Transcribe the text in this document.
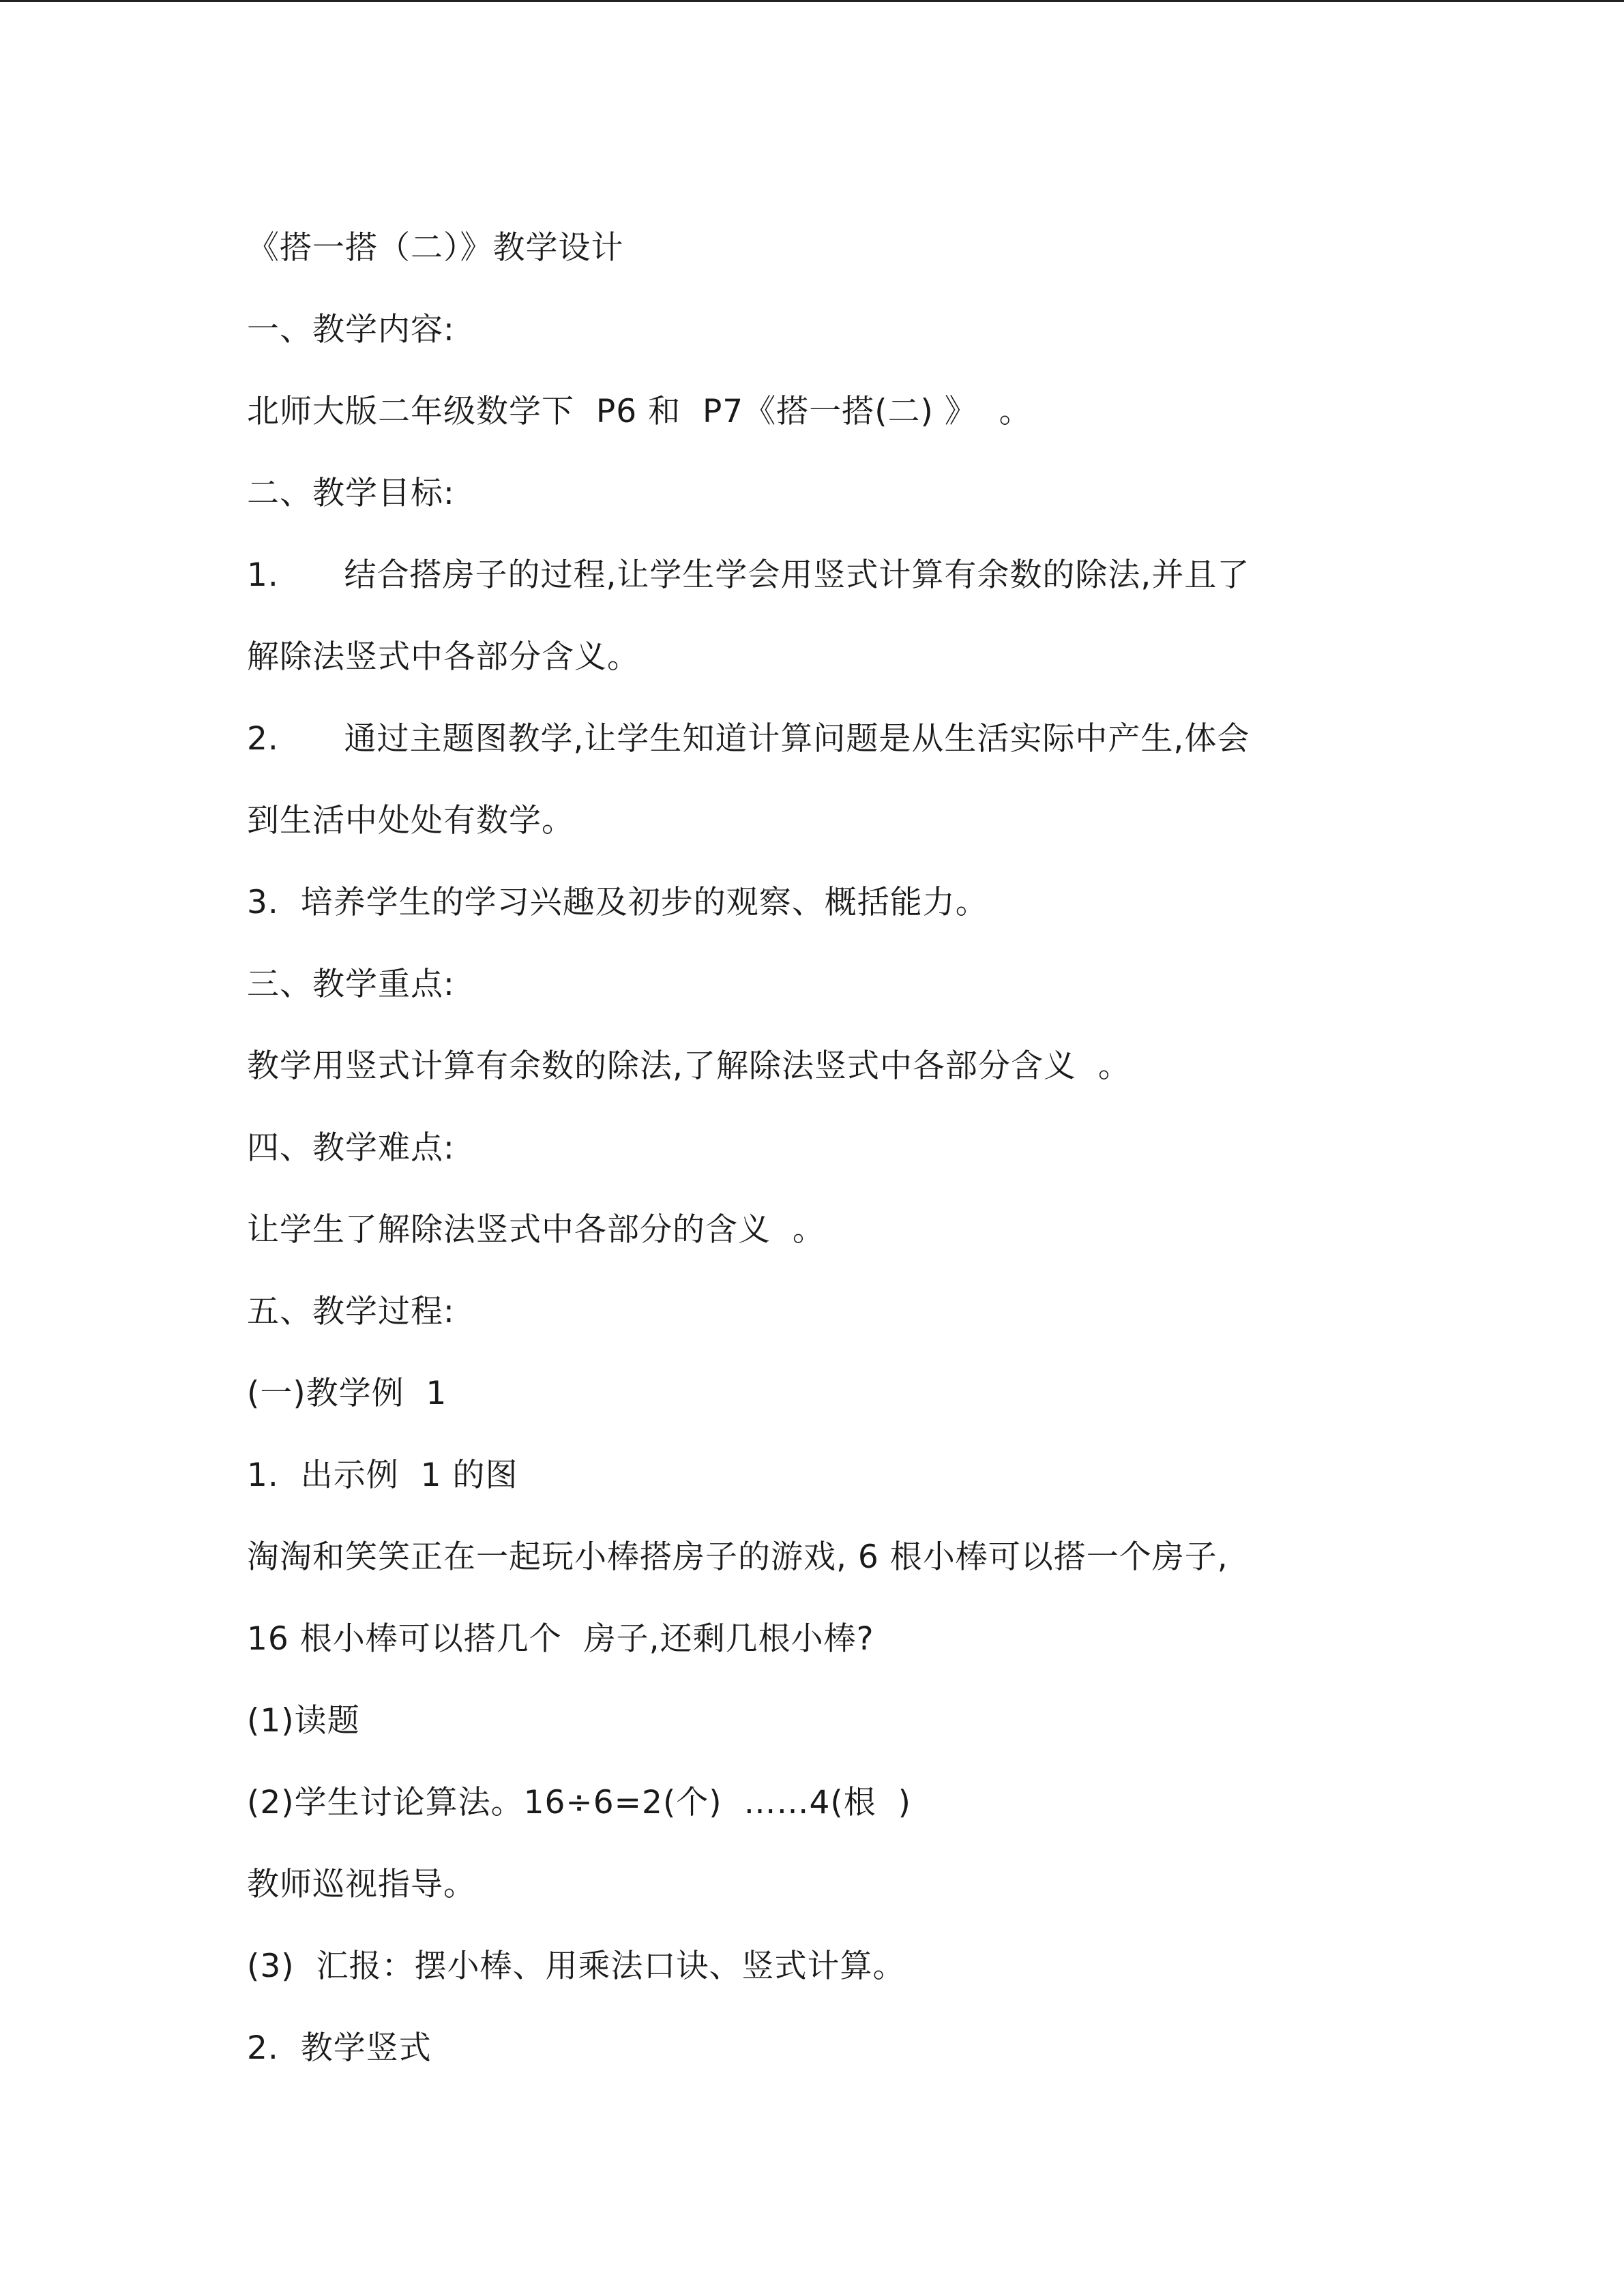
《搭一搭（二）》教学设计

一、教学内容:

北师大版二年级数学下  P6 和  P7《搭一搭(二) 》  。

二、教学目标:

1.      结合搭房子的过程,让学生学会用竖式计算有余数的除法,并且了

解除法竖式中各部分含义。

2.      通过主题图教学,让学生知道计算问题是从生活实际中产生,体会

到生活中处处有数学。

3.  培养学生的学习兴趣及初步的观察、概括能力。

三、教学重点:

教学用竖式计算有余数的除法,了解除法竖式中各部分含义  。

四、教学难点:

让学生了解除法竖式中各部分的含义  。

五、教学过程:

(一)教学例  1

1.  出示例  1 的图

淘淘和笑笑正在一起玩小棒搭房子的游戏, 6 根小棒可以搭一个房子,

16 根小棒可以搭几个  房子,还剩几根小棒?

(1)读题

(2)学生讨论算法。16÷6=2(个)  ……4(根  )

教师巡视指导。

(3)  汇报：摆小棒、用乘法口诀、竖式计算。

2.  教学竖式
